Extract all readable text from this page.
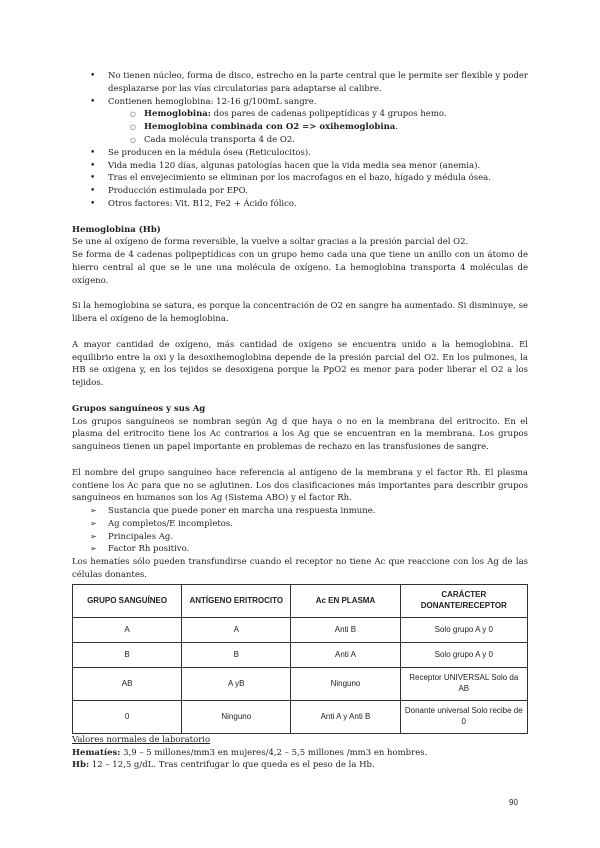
• No tienen núcleo, forma de disco, estrecho en la parte central que le permite ser flexible y poder desplazarse por las vías circulatorias para adaptarse al calibre.
• Contienen hemoglobina: 12-16 g/100mL sangre.
○ Hemoglobina: dos pares de cadenas polipeptídicas y 4 grupos hemo.
○ Hemoglobina combinada con O2 => oxihemoglobina.
○ Cada molécula transporta 4 de O2.
• Se producen en la médula ósea (Reticulocitos).
• Vida media 120 días, algunas patologías hacen que la vida media sea menor (anemia).
• Tras el envejecimiento se eliminan por los macrofagos en el bazo, hígado y médula ósea.
• Producción estimulada por EPO.
• Otros factores: Vit. B12, Fe2 + Ácido fólico.

Hemoglobina (Hb)

Se une al oxígeno de forma reversible, la vuelve a soltar gracias a la presión parcial del O2.

Se forma de 4 cadenas polipeptídicas con un grupo hemo cada una que tiene un anillo con un átomo de hierro central al que se le une una molécula de oxígeno. La hemoglobina transporta 4 moléculas de oxígeno.

Si la hemoglobina se satura, es porque la concentración de O2 en sangre ha aumentado. Si disminuye, se libera el oxígeno de la hemoglobina.

A mayor cantidad de oxígeno, más cantidad de oxígeno se encuentra unido a la hemoglobina. El equilibrio entre la oxi y la desoxihemoglobina depende de la presión parcial del O2. En los pulmones, la HB se oxigena y, en los tejidos se desoxigena porque la PpO2 es menor para poder liberar el O2 a los tejidos.

Grupos sanguíneos y sus Ag

Los grupos sanguíneos se nombran según Ag d que haya o no en la membrana del eritrocito. En el plasma del eritrocito tiene los Ac contrarios a los Ag que se encuentran en la membrana. Los grupos sanguíneos tienen un papel importante en problemas de rechazo en las transfusiones de sangre.

El nombre del grupo sanguíneo hace referencia al antígeno de la membrana y el factor Rh. El plasma contiene los Ac para que no se aglutinen. Los dos clasificaciones más importantes para describir grupos sanguíneos en humanos son los Ag (Sistema ABO) y el factor Rh.

➢ Sustancia que puede poner en marcha una respuesta inmune.
➢ Ag completos/E incompletos.
➢ Principales Ag.
➢ Factor Rh positivo.

Los hematíes sólo pueden transfundirse cuando el receptor no tiene Ac que reaccione con los Ag de las células donantes.

GRUPO SANGUÍNEO	ANTÍGENO ERITROCITO	Ac EN PLASMA	CARÁCTER DONANTE/RECEPTOR
A	A	Anti B	Solo grupo A y 0
B	B	Anti A	Solo grupo A y 0
AB	A yB	Ninguno	Receptor UNIVERSAL Solo da AB
0	Ninguno	Anti A y Anti B	Donante universal Solo recibe de 0

Valores normales de laboratorio

Hematíes: 3,9 – 5 millones/mm3 en mujeres/4,2 – 5,5 millones /mm3 en hombres.

Hb: 12 – 12,5 g/dL. Tras centrifugar lo que queda es el peso de la Hb.

90
